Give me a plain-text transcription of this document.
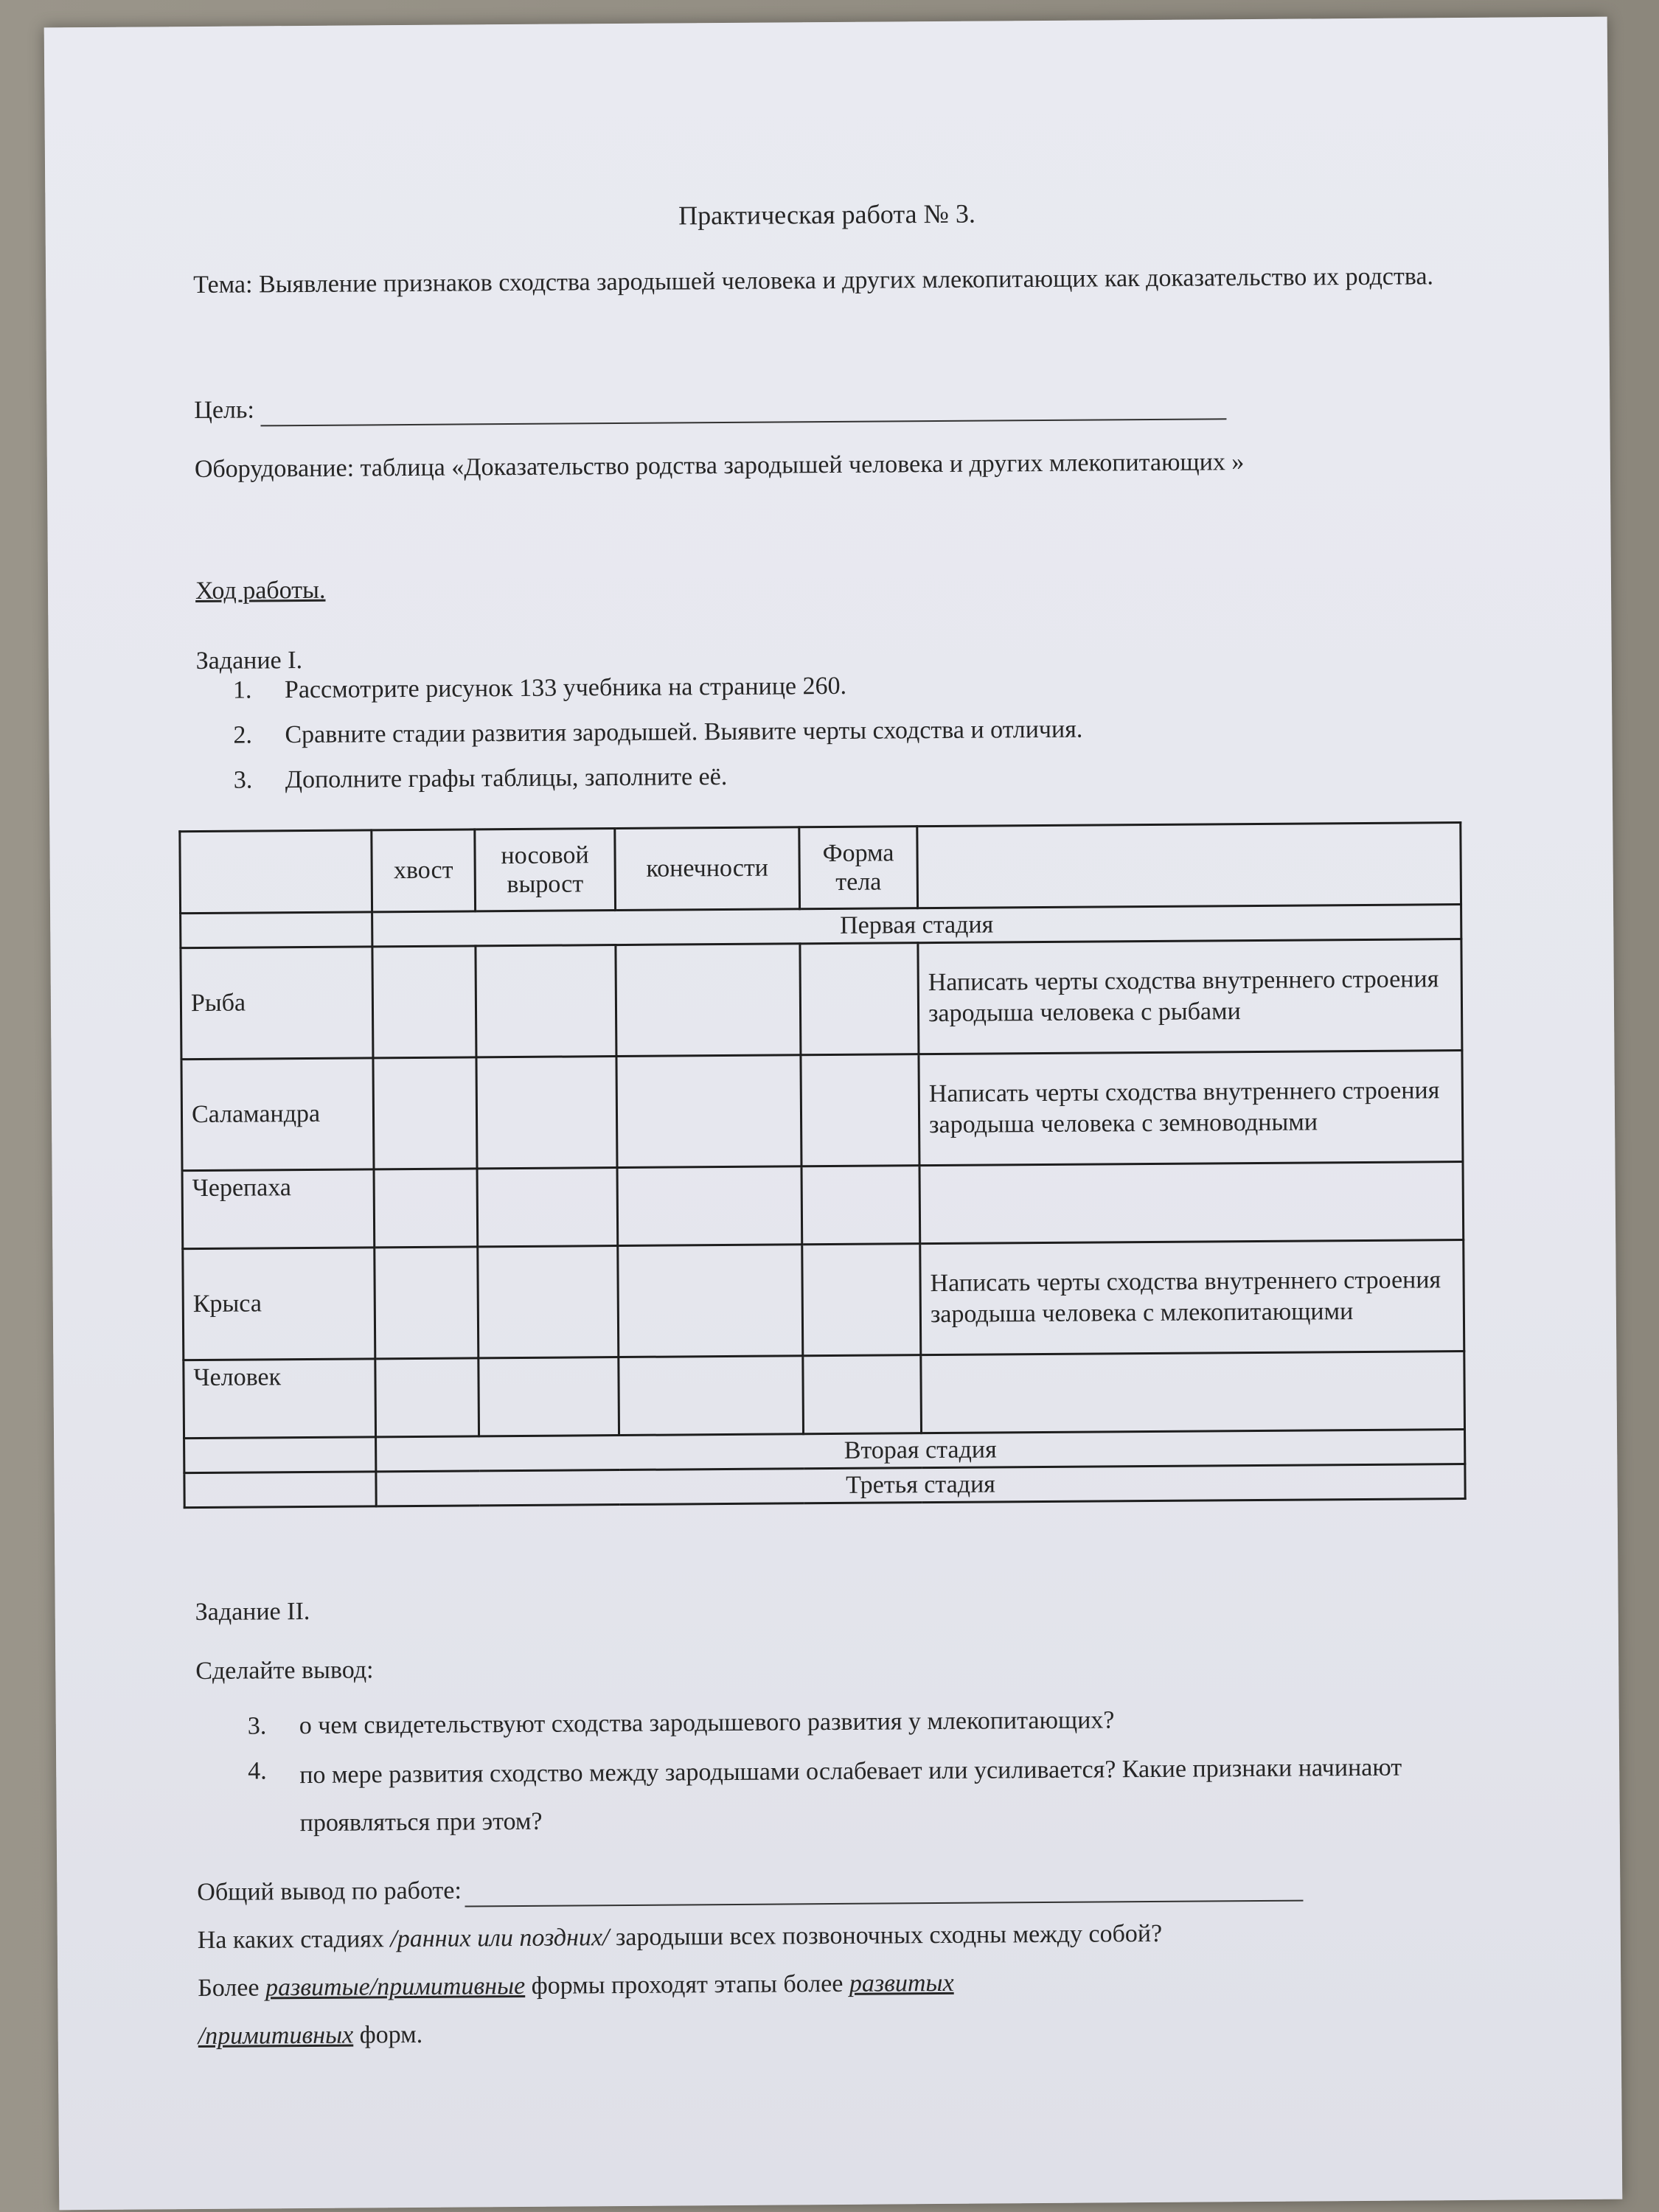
Практическая работа № 3.
Тема: Выявление признаков сходства зародышей человека и других млекопитающих как доказательство их родства.
Цель:
Оборудование: таблица «Доказательство родства зародышей человека и других млекопитающих »
Ход работы.
Задание I.
1.	Рассмотрите рисунок 133 учебника на странице 260.
2.	Сравните стадии развития зародышей. Выявите черты сходства и отличия.
3.	Дополните графы таблицы, заполните её.
	хвост	носовой вырост	конечности	Форма тела	
	Первая стадия				
Рыба					Написать черты сходства внутреннего строения зародыша человека с рыбами
Саламандра					Написать черты сходства внутреннего строения зародыша человека с земноводными
Черепаха					
Крыса					Написать черты сходства внутреннего строения зародыша человека с млекопитающими
Человек					
	Вторая стадия				
	Третья стадия				
Задание II.
Сделайте вывод:
3.	о чем свидетельствуют сходства зародышевого развития у млекопитающих?
4.	по мере развития сходство между зародышами ослабевает или усиливается? Какие признаки начинают проявляться при этом?
Общий вывод по работе:
На каких стадиях /ранних или поздних/ зародыши всех позвоночных сходны между собой?
Более развитые/примитивные формы проходят этапы более развитых
/примитивных форм.
